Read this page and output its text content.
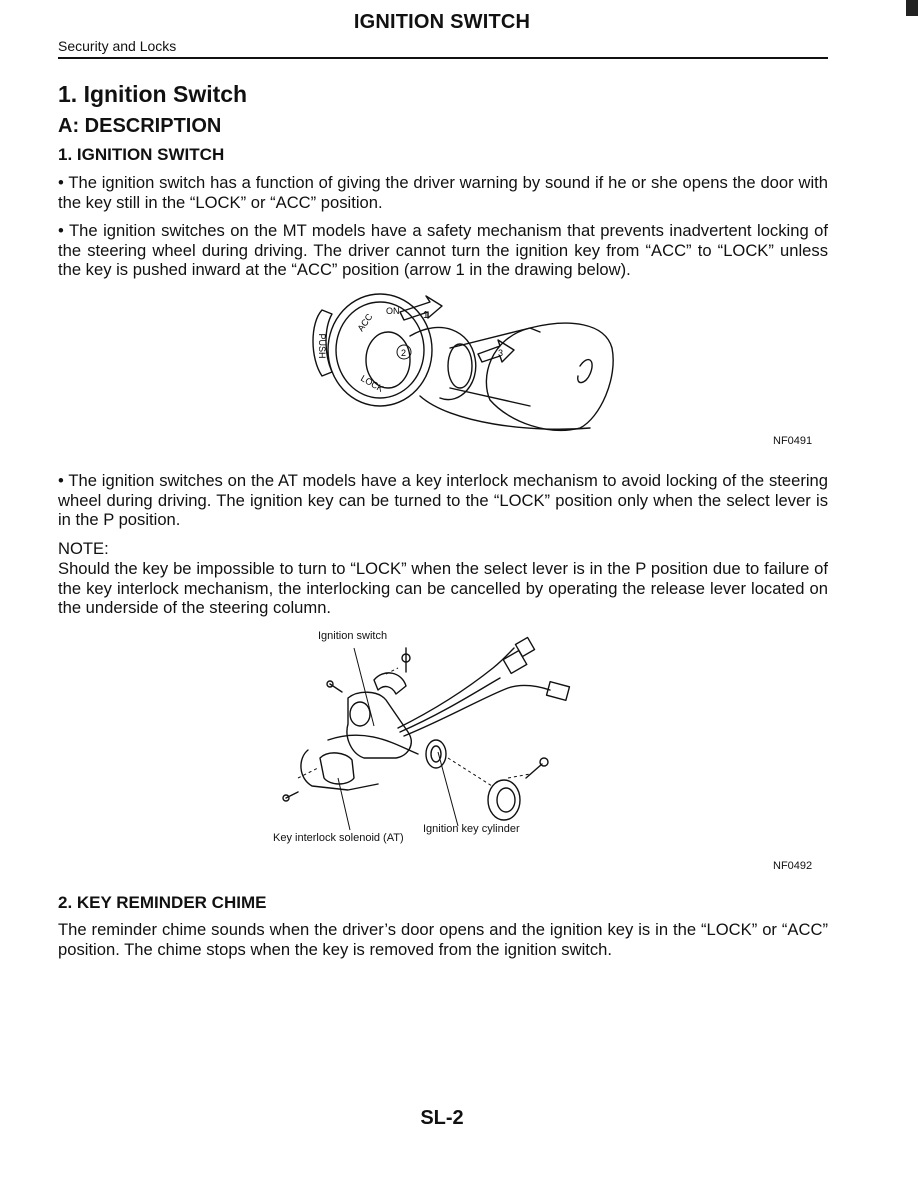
IGNITION SWITCH
Security and Locks
1. Ignition Switch
A: DESCRIPTION
1. IGNITION SWITCH
• The ignition switch has a function of giving the driver warning by sound if he or she opens the door with the key still in the “LOCK” or “ACC” position.
• The ignition switches on the MT models have a safety mechanism that prevents inadvertent locking of the steering wheel during driving. The driver cannot turn the ignition key from “ACC” to “LOCK” unless the key is pushed inward at the “ACC” position (arrow 1 in the drawing below).
PUSH
1
3
2
ACC
ON
LOCK
NF0491
• The ignition switches on the AT models have a key interlock mechanism to avoid locking of the steering wheel during driving. The ignition key can be turned to the “LOCK” position only when the select lever is in the P position.
NOTE:
Should the key be impossible to turn to “LOCK” when the select lever is in the P position due to failure of the key interlock mechanism, the interlocking can be cancelled by operating the release lever located on the underside of the steering column.
Ignition switch
Key interlock solenoid (AT)
Ignition key cylinder
NF0492
2. KEY REMINDER CHIME
The reminder chime sounds when the driver’s door opens and the ignition key is in the “LOCK” or “ACC” position. The chime stops when the key is removed from the ignition switch.
SL-2
